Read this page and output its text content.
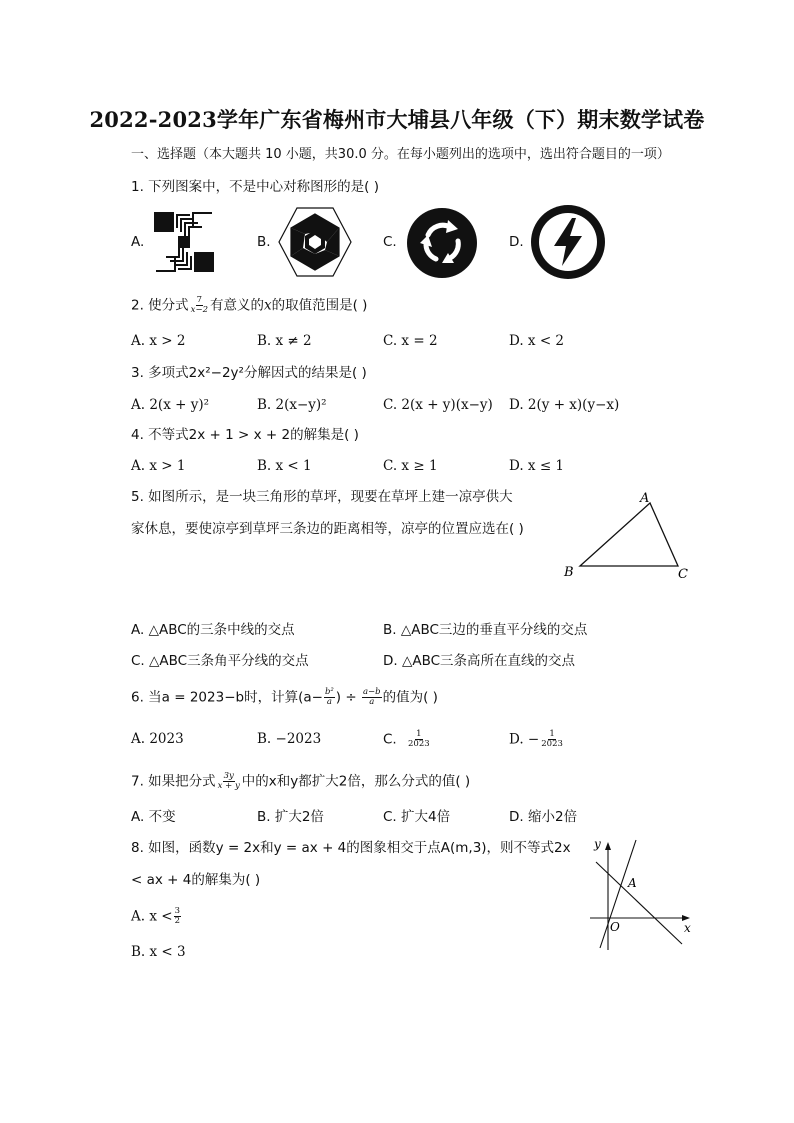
2022-2023学年广东省梅州市大埔县八年级（下）期末数学试卷
一、选择题（本大题共 10 小题，共30.0 分。在每小题列出的选项中，选出符合题目的一项）
1. 下列图案中，不是中心对称图形的是( )
A.	B.	C.	D.
2. 使分式 $\frac{7}{x-2}$ 有意义的x的取值范围是( )
A. x > 2	B. x ≠ 2	C. x = 2	D. x < 2
3. 多项式2x²−2y²分解因式的结果是( )
A. 2(x + y)²	B. 2(x−y)²	C. 2(x + y)(x−y) D. 2(y + x)(y−x)
4. 不等式2x + 1 > x + 2的解集是( )
A. x > 1	B. x < 1	C. x ≥ 1	D. x ≤ 1
5. 如图所示，是一块三角形的草坪，现要在草坪上建一凉亭供大
家休息，要使凉亭到草坪三条边的距离相等，凉亭的位置应选在( )
A
B	C
A. △ABC的三条中线的交点	B. △ABC三边的垂直平分线的交点
C. △ABC三条角平分线的交点	D. △ABC三条高所在直线的交点
6. 当a = 2023−b时，计算($a- \frac{\text{b²}}{a}$ ) ÷ $\frac{a-b}{a}$ 的值为( )
A. 2023	B. −2023	C. $\frac{1}{2023}$	D. − $\frac{1}{2023}$
7. 如果把分式 $\frac{3y}{x + y}$ 中的x和y都扩大2倍，那么分式的值( )
A. 不变	B. 扩大2倍	C. 扩大4倍	D. 缩小2倍
8. 如图，函数y = 2x和y = ax + 4的图象相交于点A(m,3)，则不等式2x
< ax + 4的解集为( )
A. $x < \frac{3}{2}$
B. x < 3
y
x
O
A
